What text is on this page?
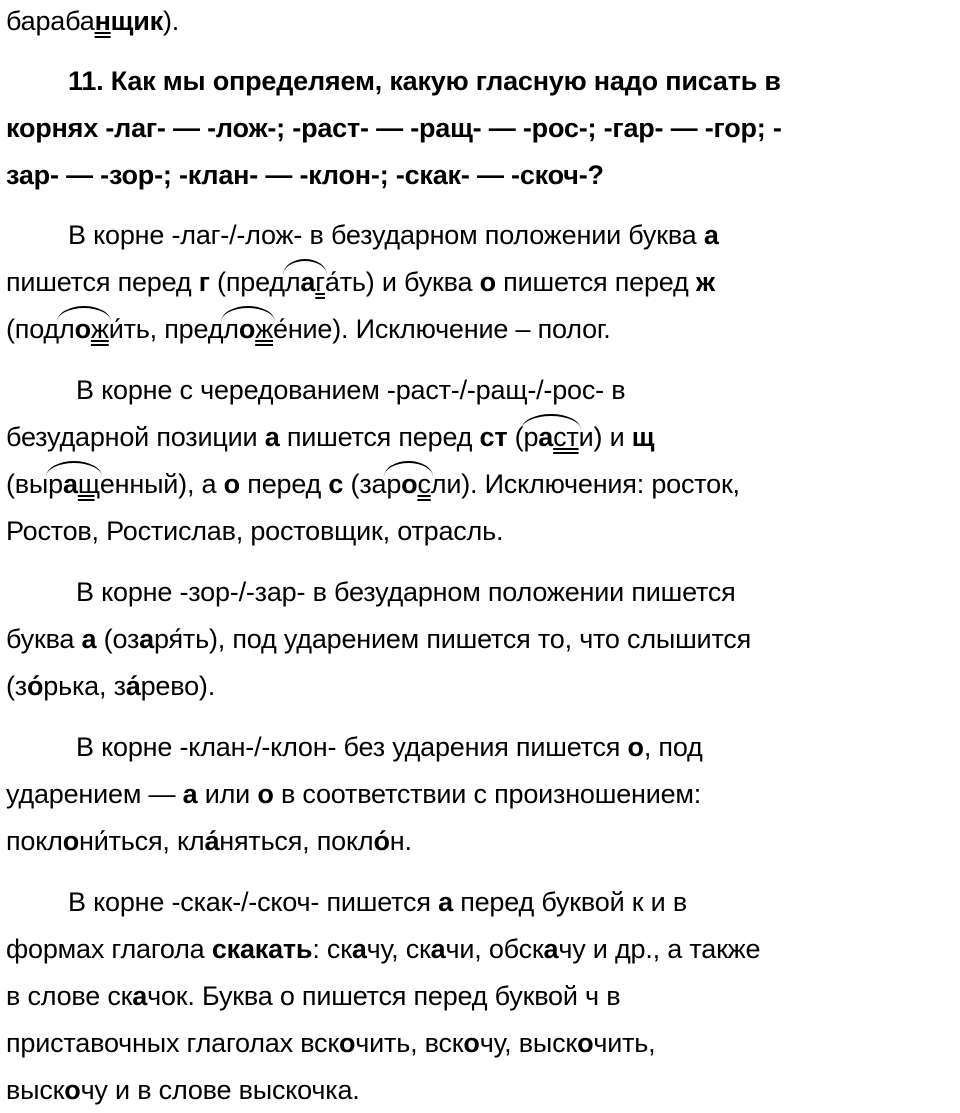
барабанщик).
11. Как мы определяем, какую гласную надо писать в
корнях -лаг- — -лож-; -раст- — -ращ- — -рос-; -гар- — -гор; -
зар- — -зор-; -клан- — -клон-; -скак- — -скоч-?
В корне -лаг-/-лож- в безударном положении буква а
пишется перед г (предлага́ть) и буква о пишется перед ж
(подложи́ть, предложе́ние). Исключение – полог.
В корне с чередованием -раст-/-ращ-/-рос- в
безударной позиции а пишется перед ст (расти) и щ
(выращенный), а о перед с (заросли). Исключения: росток,
Ростов, Ростислав, ростовщик, отрасль.
В корне -зор-/-зар- в безударном положении пишется
буква а (озаря́ть), под ударением пишется то, что слышится
(зо́рька, за́рево).
В корне -клан-/-клон- без ударения пишется о, под
ударением — а или о в соответствии с произношением:
поклони́ться, кла́няться, покло́н.
В корне -скак-/-скоч- пишется а перед буквой к и в
формах глагола скакать: скачу, скачи, обскачу и др., а также
в слове скачок. Буква о пишется перед буквой ч в
приставочных глаголах вскочить, вскочу, выскочить,
выскочу и в слове выскочка.
